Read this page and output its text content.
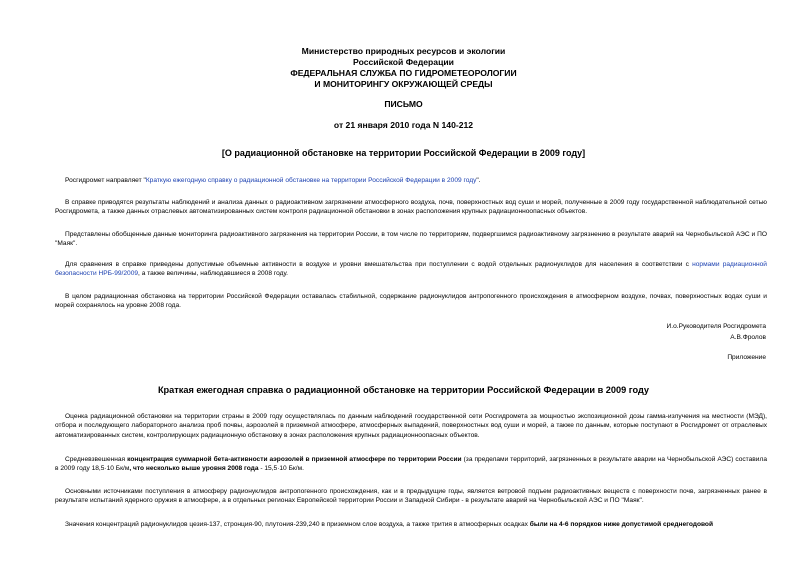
Министерство природных ресурсов и экологии
Российской Федерации
ФЕДЕРАЛЬНАЯ СЛУЖБА ПО ГИДРОМЕТЕОРОЛОГИИ
И МОНИТОРИНГУ ОКРУЖАЮЩЕЙ СРЕДЫ
ПИСЬМО
от 21 января 2010 года N 140-212
[О радиационной обстановке на территории Российской Федерации в 2009 году]
Росгидромет направляет "Краткую ежегодную справку о радиационной обстановке на территории Российской Федерации в 2009 году".
В справке приводятся результаты наблюдений и анализа данных о радиоактивном загрязнении атмосферного воздуха, почв, поверхностных вод суши и морей, полученные в 2009 году государственной наблюдательной сетью Росгидромета, а также данных отраслевых автоматизированных систем контроля радиационной обстановки в зонах расположения крупных радиационноопасных объектов.
Представлены обобщенные данные мониторинга радиоактивного загрязнения на территории России, в том числе по территориям, подвергшимся радиоактивному загрязнению в результате аварий на Чернобыльской АЭС и ПО "Маяк".
Для сравнения в справке приведены допустимые объемные активности в воздухе и уровни вмешательства при поступлении с водой отдельных радионуклидов для населения в соответствии с нормами радиационной безопасности НРБ-99/2009, а также величины, наблюдавшиеся в 2008 году.
В целом радиационная обстановка на территории Российской Федерации оставалась стабильной, содержание радионуклидов антропогенного происхождения в атмосферном воздухе, почвах, поверхностных водах суши и морей сохранялось на уровне 2008 года.
И.о.Руководителя Росгидромета
А.В.Фролов
Приложение
Краткая ежегодная справка о радиационной обстановке на территории Российской Федерации в 2009 году
Оценка радиационной обстановки на территории страны в 2009 году осуществлялась по данным наблюдений государственной сети Росгидромета за мощностью экспозиционной дозы гамма-излучения на местности (МЭД), отбора и последующего лабораторного анализа проб почвы, аэрозолей в приземной атмосфере, атмосферных выпадений, поверхностных вод суши и морей, а также по данным, которые поступают в Росгидромет от отраслевых автоматизированных систем, контролирующих радиационную обстановку в зонах расположения крупных радиационноопасных объектов.
Средневзвешенная концентрация суммарной бета-активности аэрозолей в приземной атмосфере по территории России (за пределами территорий, загрязненных в результате аварии на Чернобыльской АЭС) составила в 2009 году 18,5·10 Бк/м, что несколько выше уровня 2008 года - 15,5·10 Бк/м.
Основными источниками поступления в атмосферу радионуклидов антропогенного происхождения, как и в предыдущие годы, является ветровой подъем радиоактивных веществ с поверхности почв, загрязненных ранее в результате испытаний ядерного оружия в атмосфере, а в отдельных регионах Европейской территории России и Западной Сибири - в результате аварий на Чернобыльской АЭС и ПО "Маяк".
Значения концентраций радионуклидов цезия-137, стронция-90, плутония-239,240 в приземном слое воздуха, а также трития в атмосферных осадках были на 4-6 порядков ниже допустимой среднегодовой
